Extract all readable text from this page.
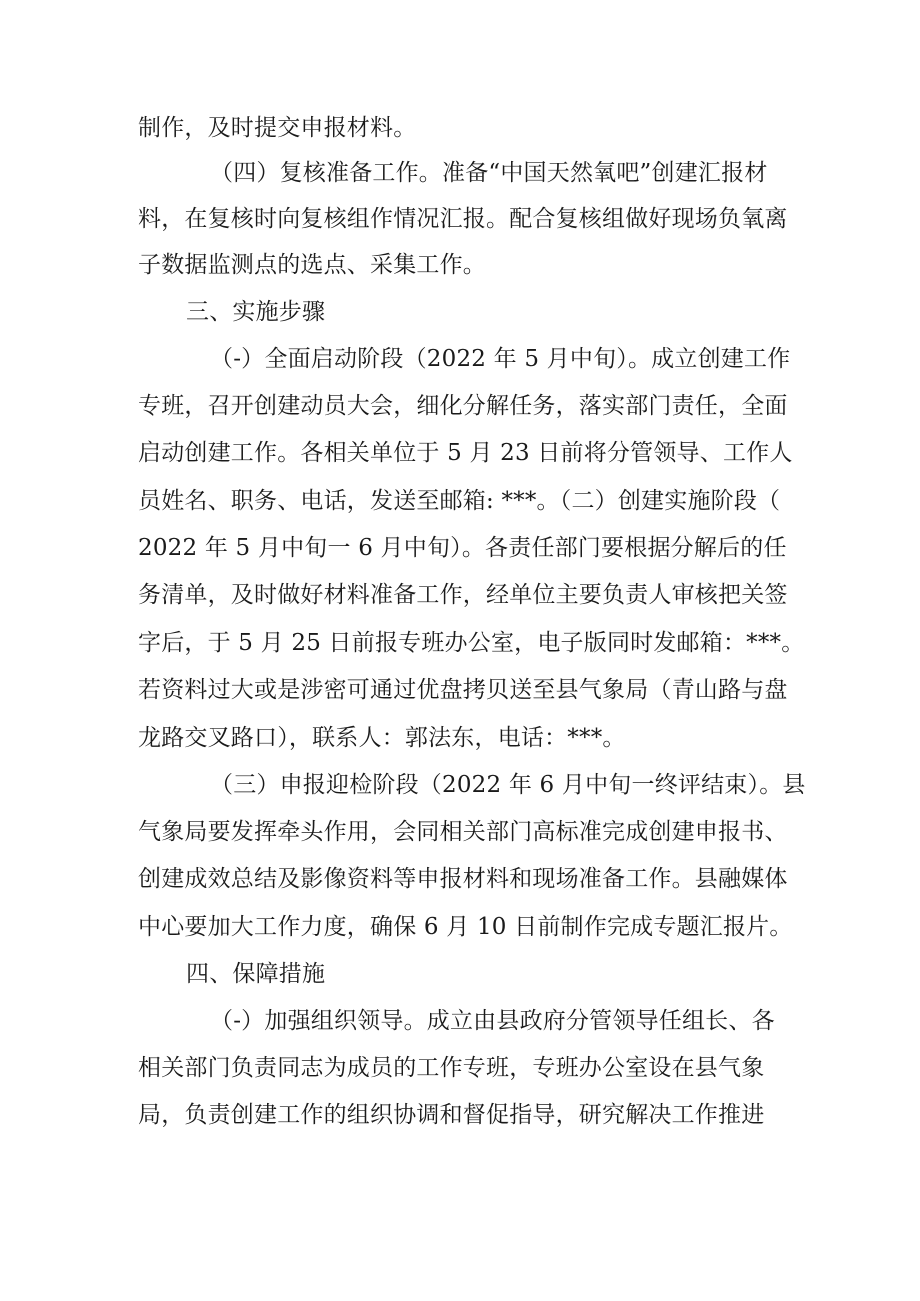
制作，及时提交申报材料。
（四）复核准备工作。准备“中国天然氧吧”创建汇报材
料，在复核时向复核组作情况汇报。配合复核组做好现场负氧离
子数据监测点的选点、采集工作。
三、实施步骤
（-）全面启动阶段（2022 年 5 月中旬）。成立创建工作
专班，召开创建动员大会，细化分解任务，落实部门责任，全面
启动创建工作。各相关单位于 5 月 23 日前将分管领导、工作人
员姓名、职务、电话，发送至邮箱: ***。（二）创建实施阶段（
2022 年 5 月中旬一 6 月中旬）。各责任部门要根据分解后的任
务清单，及时做好材料准备工作，经单位主要负责人审核把关签
字后，于 5 月 25 日前报专班办公室，电子版同时发邮箱：***。
若资料过大或是涉密可通过优盘拷贝送至县气象局（青山路与盘
龙路交叉路口），联系人：郭法东，电话：***。
（三）申报迎检阶段（2022 年 6 月中旬一终评结束）。县
气象局要发挥牵头作用，会同相关部门高标准完成创建申报书、
创建成效总结及影像资料等申报材料和现场准备工作。县融媒体
中心要加大工作力度，确保 6 月 10 日前制作完成专题汇报片。
四、保障措施
（-）加强组织领导。成立由县政府分管领导任组长、各
相关部门负责同志为成员的工作专班，专班办公室设在县气象
局，负责创建工作的组织协调和督促指导，研究解决工作推进
